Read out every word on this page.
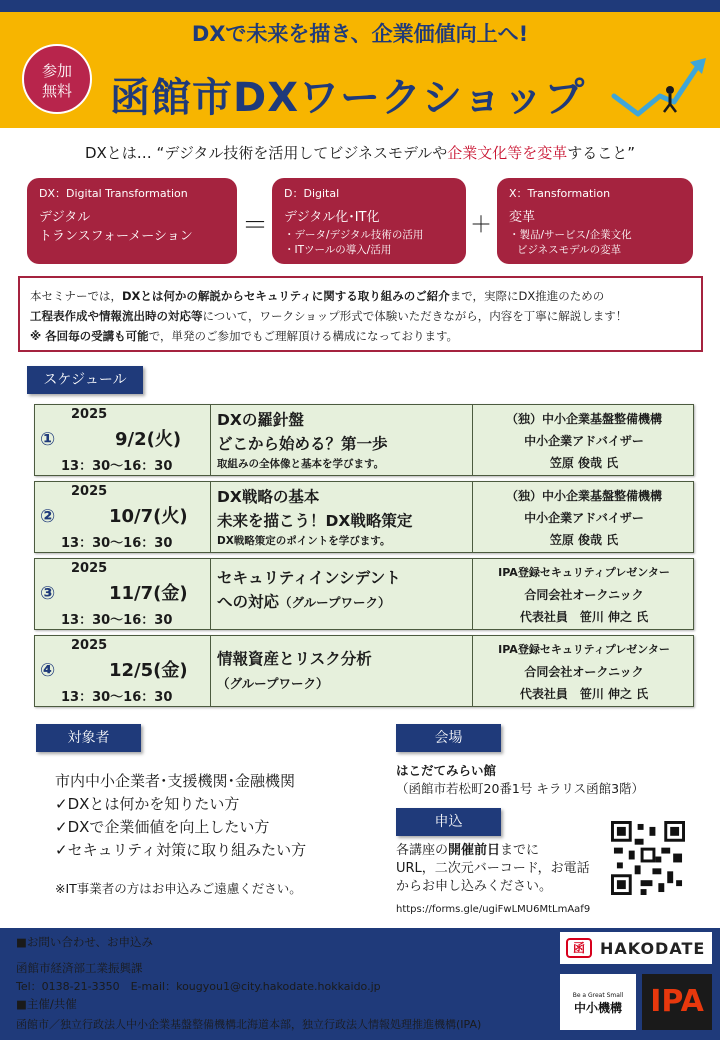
DXで未来を描き、企業価値向上へ!
参加
無料 函館市DXワークショップ
DXとは… “デジタル技術を活用してビジネスモデルや企業文化等を変革すること”
DX：Digital Transformation
デジタル
トランスフォーメーション	＝
D：Digital
デジタル化･IT化
・データ/デジタル技術の活用
・ITツールの導入/活用
＋
X：Transformation
変革
・製品/サービス/企業文化
ビジネスモデルの変革
本セミナーでは，DXとは何かの解説からセキュリティに関する取り組みのご紹介まで，実際にDX推進のための
工程表作成や情報流出時の対応等について，ワークショップ形式で体験いただきながら，内容を丁寧に解説します！
※ 各回毎の受講も可能で，単発のご参加でもご理解頂ける構成になっております。
スケジュール
①
2025
9/2(火)
13：30～16：30
DXの羅針盤
どこから始める？第一歩
取組みの全体像と基本を学びます。
（独）中小企業基盤整備機構
中小企業アドバイザー
笠原 俊哉 氏
②
2025
10/7(火)
13：30～16：30
DX戦略の基本
未来を描こう！DX戦略策定
DX戦略策定のポイントを学びます。
（独）中小企業基盤整備機構
中小企業アドバイザー
笠原 俊哉 氏
③
2025
11/7(金)
13：30～16：30
セキュリティインシデント
への対応（グループワーク）
IPA登録セキュリティプレゼンター
合同会社オークニック
代表社員　笹川 伸之 氏
④
2025
12/5(金)
13：30～16：30
情報資産とリスク分析
（グループワーク）
IPA登録セキュリティプレゼンター
合同会社オークニック
代表社員　笹川 伸之 氏
対象者
市内中小企業者･支援機関･金融機関
✓DXとは何かを知りたい方
✓DXで企業価値を向上したい方
✓セキュリティ対策に取り組みたい方
※IT事業者の方はお申込みご遠慮ください。
会場
はこだてみらい館
（函館市若松町20番1号 キラリス函館3階）
申込
各講座の開催前日までに
URL，二次元バーコード，お電話
からお申し込みください。
https://forms.gle/ugiFwLMU6MtLmAaf9
■お問い合わせ、お申込み
函館市経済部工業振興課
Tel：0138-21-3350　E-mail：kougyou1@city.hakodate.hokkaido.jp
■主催/共催
函館市／独立行政法人中小企業基盤整備機構北海道本部，独立行政法人情報処理推進機構(IPA)
函 HAKODATE
Be a Great Small
中小機構 IPA
